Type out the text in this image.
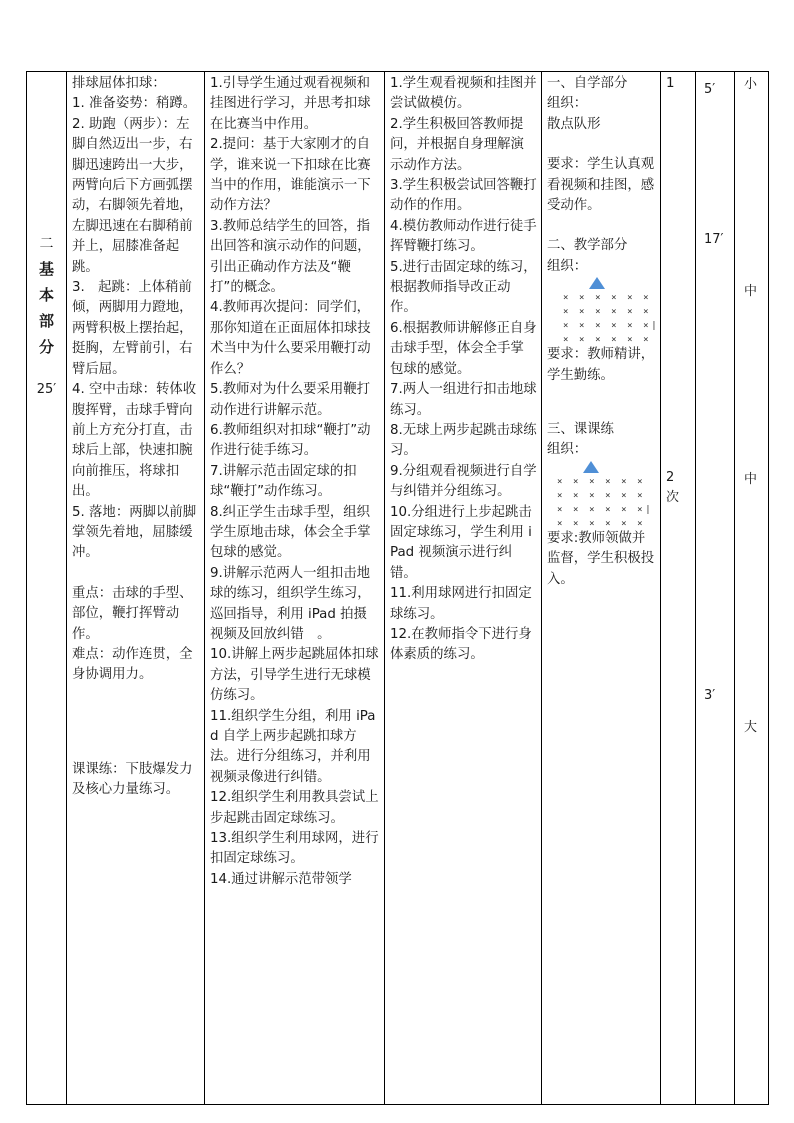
二
基
本
部
分
25′

排球屈体扣球：
1. 准备姿势：稍蹲。
2. 助跑（两步）：左脚自然迈出一步，右脚迅速跨出一大步，两臂向后下方画弧摆动，右脚领先着地，左脚迅速在右脚稍前并上，屈膝准备起跳。
3.　起跳：上体稍前倾，两脚用力蹬地，两臂积极上摆抬起，挺胸，左臂前引，右臂后屈。
4. 空中击球：转体收腹挥臂，击球手臂向前上方充分打直，击球后上部，快速扣腕向前推压，将球扣出。
5. 落地：两脚以前脚掌领先着地，屈膝缓冲。
重点：击球的手型、部位，鞭打挥臂动作。
难点：动作连贯，全身协调用力。
课课练：下肢爆发力及核心力量练习。

1.引导学生通过观看视频和挂图进行学习，并思考扣球在比赛当中作用。
2.提问：基于大家刚才的自学，谁来说一下扣球在比赛当中的作用，谁能演示一下动作方法？
3.教师总结学生的回答，指出回答和演示动作的问题，引出正确动作方法及“鞭打”的概念。
4.教师再次提问：同学们，那你知道在正面屈体扣球技术当中为什么要采用鞭打动作么？
5.教师对为什么要采用鞭打动作进行讲解示范。
6.教师组织对扣球“鞭打”动作进行徒手练习。
7.讲解示范击固定球的扣球“鞭打”动作练习。
8.纠正学生击球手型，组织学生原地击球，体会全手掌包球的感觉。
9.讲解示范两人一组扣击地球的练习，组织学生练习，巡回指导，利用 iPad 拍摄视频及回放纠错　。
10.讲解上两步起跳屈体扣球方法，引导学生进行无球模仿练习。
11.组织学生分组，利用 iPad 自学上两步起跳扣球方法。进行分组练习，并利用视频录像进行纠错。
12.组织学生利用教具尝试上步起跳击固定球练习。
13.组织学生利用球网，进行扣固定球练习。
14.通过讲解示范带领学

1.学生观看视频和挂图并尝试做模仿。
2.学生积极回答教师提问，并根据自身理解演示动作方法。
3.学生积极尝试回答鞭打动作的作用。
4.模仿教师动作进行徒手挥臂鞭打练习。
5.进行击固定球的练习，根据教师指导改正动作。
6.根据教师讲解修正自身击球手型，体会全手掌包球的感觉。
7.两人一组进行扣击地球练习。
8.无球上两步起跳击球练习。
9.分组观看视频进行自学与纠错并分组练习。
10.分组进行上步起跳击固定球练习，学生利用 iPad 视频演示进行纠错。
11.利用球网进行扣固定球练习。
12.在教师指令下进行身体素质的练习。

一、自学部分
组织：
散点队形
要求：学生认真观看视频和挂图，感受动作。
二、教学部分
组织：
× × × × × ×
× × × × × ×
× × × × × ×|
× × × × × ×
要求：教师精讲，学生勤练。
三、课课练
组织：
× × × × × ×
× × × × × ×
× × × × × ×|
× × × × × ×
要求:教师领做并监督，学生积极投入。

1
2
次

5′
17′
3′

小
中
中
大
